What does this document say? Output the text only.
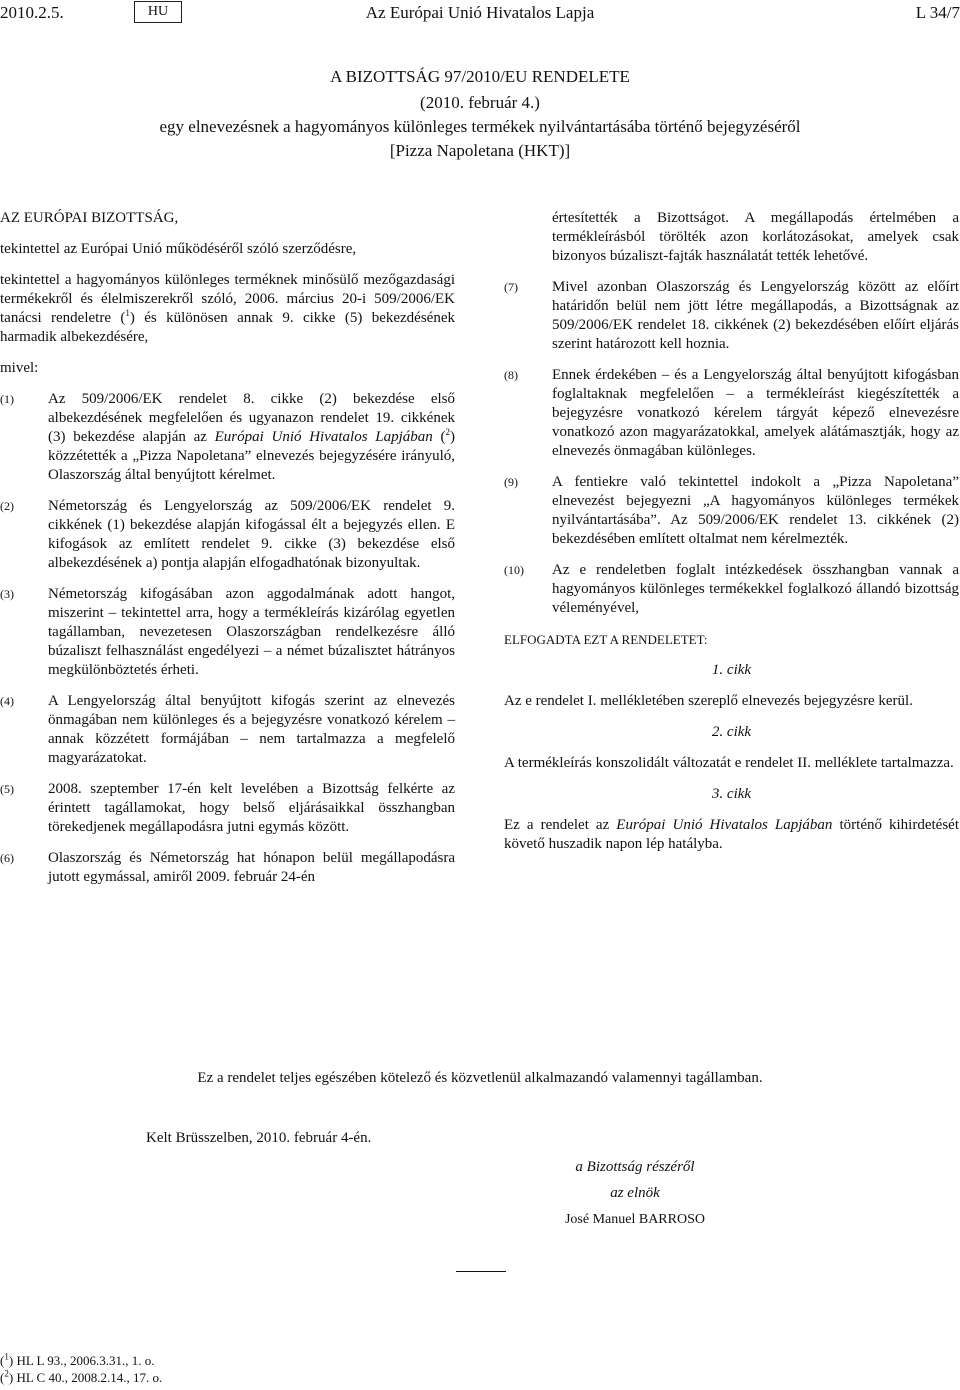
2010.2.5.	HU	Az Európai Unió Hivatalos Lapja	L 34/7
A BIZOTTSÁG 97/2010/EU RENDELETE
(2010. február 4.)
egy elnevezésnek a hagyományos különleges termékek nyilvántartásába történő bejegyzéséről
[Pizza Napoletana (HKT)]

AZ EURÓPAI BIZOTTSÁG,

tekintettel az Európai Unió működéséről szóló szerződésre,

tekintettel a hagyományos különleges terméknek minősülő mezőgazdasági termékekről és élelmiszerekről szóló, 2006. március 20-i 509/2006/EK tanácsi rendeletre ($^1$) és különösen annak 9. cikke (5) bekezdésének harmadik albekezdésére,

mivel:

(1)	Az 509/2006/EK rendelet 8. cikke (2) bekezdése első albekezdésének megfelelően és ugyanazon rendelet 19. cikkének (3) bekezdése alapján az Európai Unió Hivatalos Lapjában ($^2$) közzétették a „Pizza Napoletana” elnevezés bejegyzésére irányuló, Olaszország által benyújtott kérelmet.
(2)	Németország és Lengyelország az 509/2006/EK rendelet 9. cikkének (1) bekezdése alapján kifogással élt a bejegyzés ellen. E kifogások az említett rendelet 9. cikke (3) bekezdése első albekezdésének a) pontja alapján elfogadhatónak bizonyultak.
(3)	Németország kifogásában azon aggodalmának adott hangot, miszerint – tekintettel arra, hogy a termékleírás kizárólag egyetlen tagállamban, nevezetesen Olaszországban rendelkezésre álló búzaliszt felhasználást engedélyezi – a német búzalisztet hátrányos megkülönböztetés érheti.
(4)	A Lengyelország által benyújtott kifogás szerint az elnevezés önmagában nem különleges és a bejegyzésre vonatkozó kérelem – annak közzétett formájában – nem tartalmazza a megfelelő magyarázatokat.
(5)	2008. szeptember 17-én kelt levelében a Bizottság felkérte az érintett tagállamokat, hogy belső eljárásaikkal összhangban törekedjenek megállapodásra jutni egymás között.
(6)	Olaszország és Németország hat hónapon belül megállapodásra jutott egymással, amiről 2009. február 24-én
értesítették a Bizottságot. A megállapodás értelmében a termékleírásból törölték azon korlátozásokat, amelyek csak bizonyos búzaliszt-fajták használatát tették lehetővé.
(7)	Mivel azonban Olaszország és Lengyelország között az előírt határidőn belül nem jött létre megállapodás, a Bizottságnak az 509/2006/EK rendelet 18. cikkének (2) bekezdésében előírt eljárás szerint határozott kell hoznia.
(8)	Ennek érdekében – és a Lengyelország által benyújtott kifogásban foglaltaknak megfelelően – a termékleírást kiegészítették a bejegyzésre vonatkozó kérelem tárgyát képező elnevezésre vonatkozó azon magyarázatokkal, amelyek alátámasztják, hogy az elnevezés önmagában különleges.
(9)	A fentiekre való tekintettel indokolt a „Pizza Napoletana” elnevezést bejegyezni „A hagyományos különleges termékek nyilvántartásába”. Az 509/2006/EK rendelet 13. cikkének (2) bekezdésében említett oltalmat nem kérelmezték.
(10)	Az e rendeletben foglalt intézkedések összhangban vannak a hagyományos különleges termékekkel foglalkozó állandó bizottság véleményével,

ELFOGADTA EZT A RENDELETET:

1. cikk

Az e rendelet I. mellékletében szereplő elnevezés bejegyzésre kerül.

2. cikk

A termékleírás konszolidált változatát e rendelet II. melléklete tartalmazza.

3. cikk

Ez a rendelet az Európai Unió Hivatalos Lapjában történő kihirdetését követő huszadik napon lép hatályba.

Ez a rendelet teljes egészében kötelező és közvetlenül alkalmazandó valamennyi tagállamban.
Kelt Brüsszelben, 2010. február 4-én.
a Bizottság részéről
az elnök
José Manuel BARROSO
($^1$) HL L 93., 2006.3.31., 1. o.
($^2$) HL C 40., 2008.2.14., 17. o.
